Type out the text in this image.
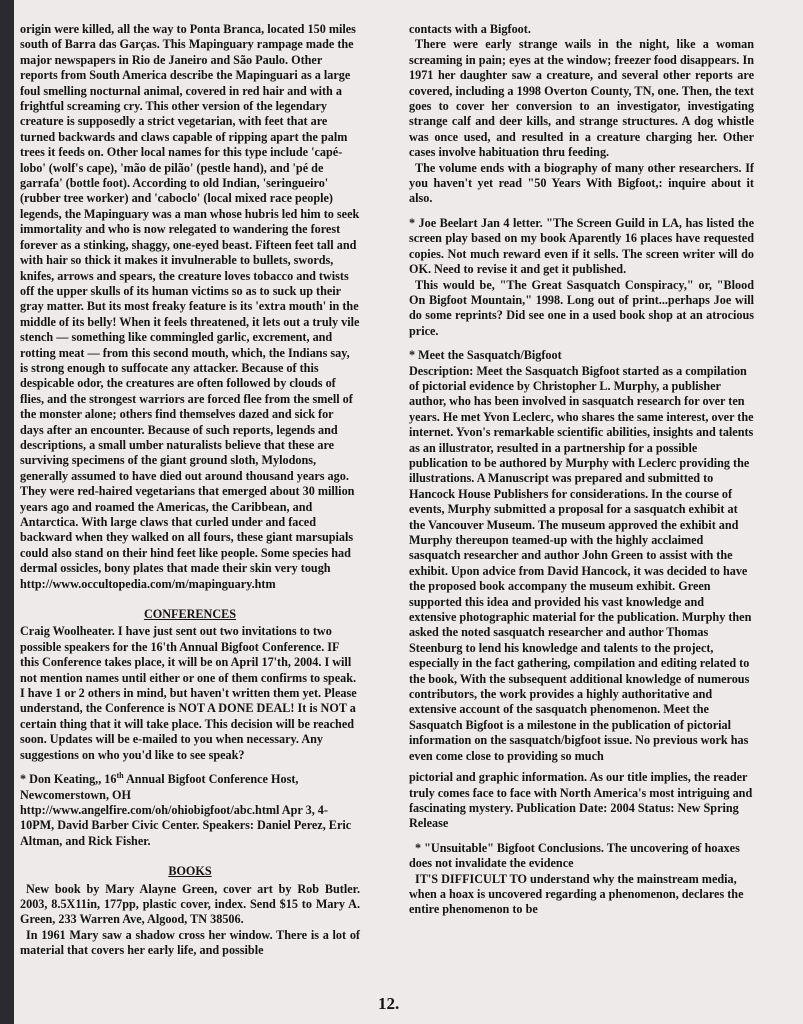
origin were killed, all the way to Ponta Branca, located 150 miles south of Barra das Garças. This Mapinguary rampage made the major newspapers in Rio de Janeiro and São Paulo. Other reports from South America describe the Mapinguari as a large foul smelling nocturnal animal, covered in red hair and with a frightful screaming cry. This other version of the legendary creature is supposedly a strict vegetarian, with feet that are turned backwards and claws capable of ripping apart the palm trees it feeds on. Other local names for this type include 'capé-lobo' (wolf's cape), 'mão de pilão' (pestle hand), and 'pé de garrafa' (bottle foot). According to old Indian, 'seringueiro' (rubber tree worker) and 'caboclo' (local mixed race people) legends, the Mapinguary was a man whose hubris led him to seek immortality and who is now relegated to wandering the forest forever as a stinking, shaggy, one-eyed beast. Fifteen feet tall and with hair so thick it makes it invulnerable to bullets, swords, knifes, arrows and spears, the creature loves tobacco and twists off the upper skulls of its human victims so as to suck up their gray matter. But its most freaky feature is its 'extra mouth' in the middle of its belly! When it feels threatened, it lets out a truly vile stench — something like commingled garlic, excrement, and rotting meat — from this second mouth, which, the Indians say, is strong enough to suffocate any attacker. Because of this despicable odor, the creatures are often followed by clouds of flies, and the strongest warriors are forced flee from the smell of the monster alone; others find themselves dazed and sick for days after an encounter. Because of such reports, legends and descriptions, a small umber naturalists believe that these are surviving specimens of the giant ground sloth, Mylodons, generally assumed to have died out around thousand years ago. They were red-haired vegetarians that emerged about 30 million years ago and roamed the Americas, the Caribbean, and Antarctica. With large claws that curled under and faced backward when they walked on all fours, these giant marsupials could also stand on their hind feet like people. Some species had dermal ossicles, bony plates that made their skin very tough http://www.occultopedia.com/m/mapinguary.htm

CONFERENCES

Craig Woolheater. I have just sent out two invitations to two possible speakers for the 16'th Annual Bigfoot Conference. IF this Conference takes place, it will be on April 17'th, 2004. I will not mention names until either or one of them confirms to speak. I have 1 or 2 others in mind, but haven't written them yet. Please understand, the Conference is NOT A DONE DEAL! It is NOT a certain thing that it will take place. This decision will be reached soon. Updates will be e-mailed to you when necessary. Any suggestions on who you'd like to see speak?

* Don Keating,, 16th Annual Bigfoot Conference Host, Newcomerstown, OH http://www.angelfire.com/oh/ohiobigfoot/abc.html Apr 3, 4-10PM, David Barber Civic Center. Speakers: Daniel Perez, Eric Altman, and Rick Fisher.

BOOKS

New book by Mary Alayne Green, cover art by Rob Butler. 2003, 8.5X11in, 177pp, plastic cover, index. Send $15 to Mary A. Green, 233 Warren Ave, Algood, TN 38506.

In 1961 Mary saw a shadow cross her window. There is a lot of material that covers her early life, and possible

contacts with a Bigfoot.

There were early strange wails in the night, like a woman screaming in pain; eyes at the window; freezer food disappears. In 1971 her daughter saw a creature, and several other reports are covered, including a 1998 Overton County, TN, one. Then, the text goes to cover her conversion to an investigator, investigating strange calf and deer kills, and strange structures. A dog whistle was once used, and resulted in a creature charging her. Other cases involve habituation thru feeding.

The volume ends with a biography of many other researchers. If you haven't yet read "50 Years With Bigfoot,: inquire about it also.

* Joe Beelart Jan 4 letter. "The Screen Guild in LA, has listed the screen play based on my book Aparently 16 places have requested copies. Not much reward even if it sells. The screen writer will do OK. Need to revise it and get it published.

This would be, "The Great Sasquatch Conspiracy," or, "Blood On Bigfoot Mountain," 1998. Long out of print...perhaps Joe will do some reprints? Did see one in a used book shop at an atrocious price.

* Meet the Sasquatch/Bigfoot

Description: Meet the Sasquatch Bigfoot started as a compilation of pictorial evidence by Christopher L. Murphy, a publisher author, who has been involved in sasquatch research for over ten years. He met Yvon Leclerc, who shares the same interest, over the internet. Yvon's remarkable scientific abilities, insights and talents as an illustrator, resulted in a partnership for a possible publication to be authored by Murphy with Leclerc providing the illustrations. A Manuscript was prepared and submitted to Hancock House Publishers for considerations. In the course of events, Murphy submitted a proposal for a sasquatch exhibit at the Vancouver Museum. The museum approved the exhibit and Murphy thereupon teamed-up with the highly acclaimed sasquatch researcher and author John Green to assist with the exhibit. Upon advice from David Hancock, it was decided to have the proposed book accompany the museum exhibit. Green supported this idea and provided his vast knowledge and extensive photographic material for the publication. Murphy then asked the noted sasquatch researcher and author Thomas Steenburg to lend his knowledge and talents to the project, especially in the fact gathering, compilation and editing related to the book, With the subsequent additional knowledge of numerous contributors, the work provides a highly authoritative and extensive account of the sasquatch phenomenon. Meet the Sasquatch Bigfoot is a milestone in the publication of pictorial information on the sasquatch/bigfoot issue. No previous work has even come close to providing so much

pictorial and graphic information. As our title implies, the reader truly comes face to face with North America's most intriguing and fascinating mystery. Publication Date: 2004 Status: New Spring Release

* "Unsuitable" Bigfoot Conclusions. The uncovering of hoaxes does not invalidate the evidence

IT'S DIFFICULT TO understand why the mainstream media, when a hoax is uncovered regarding a phenomenon, declares the entire phenomenon to be

12.
